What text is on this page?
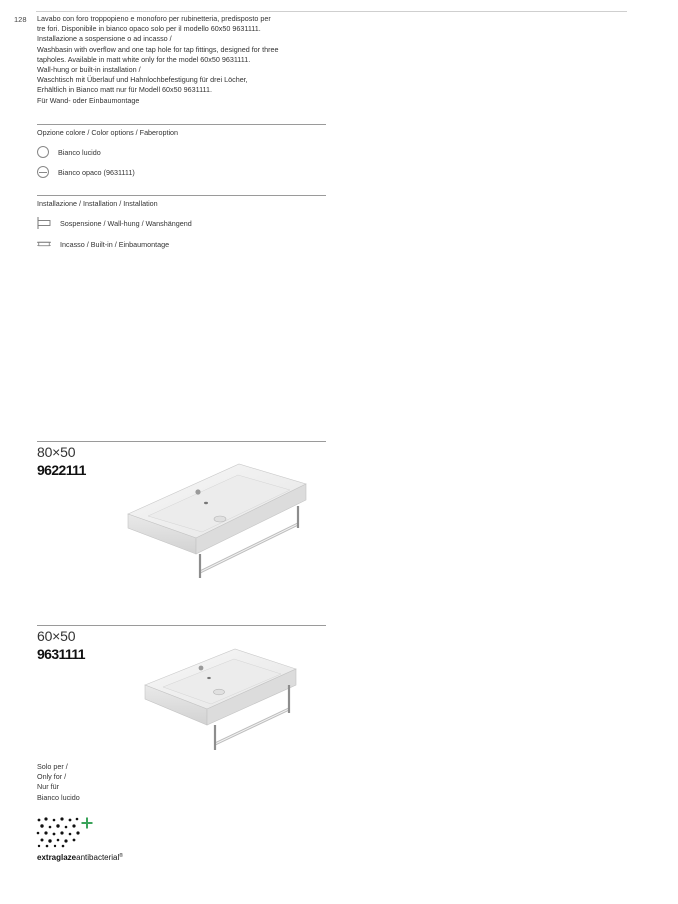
128 Lavabo con foro troppopieno e monoforo per rubinetteria, predisposto per
tre fori. Disponibile in bianco opaco solo per il modello 60x50 9631111.
Installazione a sospensione o ad incasso /
Washbasin with overflow and one tap hole for tap fittings, designed for three
tapholes. Available in matt white only for the model 60x50 9631111.
Wall-hung or built-in installation /
Waschtisch mit Überlauf und Hahnlochbefestigung für drei Löcher,
Erhältlich in Bianco matt nur für Modell 60x50 9631111.
Für Wand- oder Einbaumontage
Opzione colore / Color options / Faberoption
Bianco lucido
Bianco opaco (9631111)
Installazione / Installation / Installation
Sospensione / Wall-hung / Wanshängend
Incasso / Built-in / Einbaumontage
80×50
9622111
60×50
9631111
Solo per /
Only for /
Nur für
Bianco lucido
extraglazeantibacterial®
